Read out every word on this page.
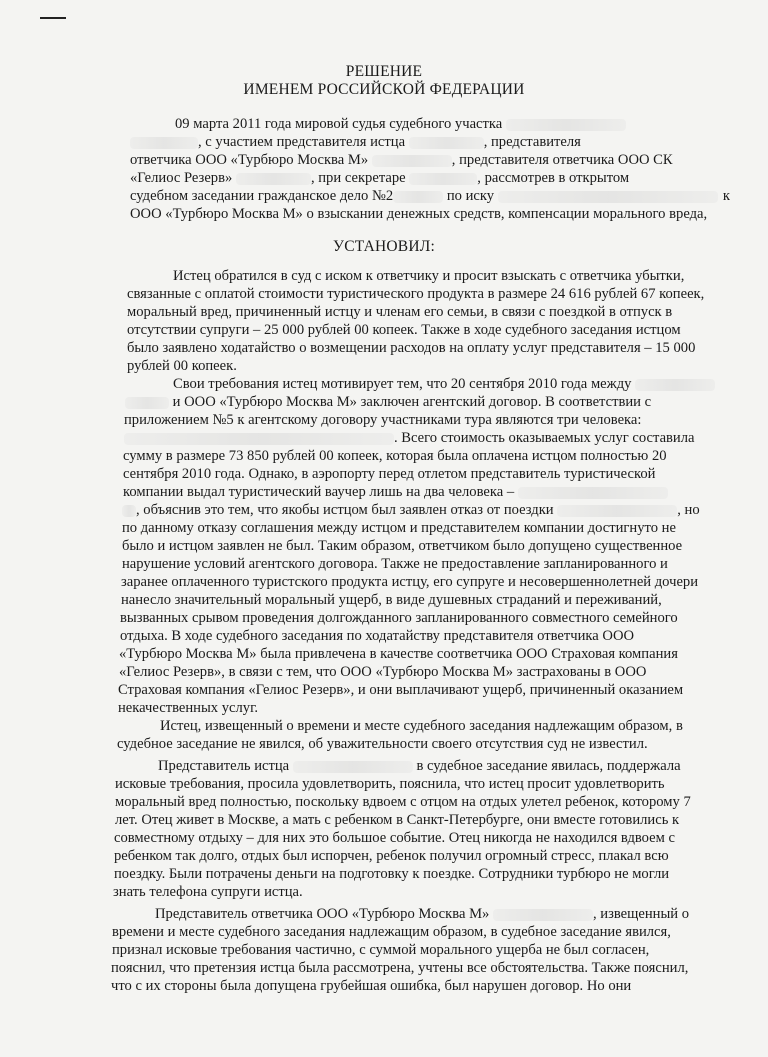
РЕШЕНИЕ
ИМЕНЕМ РОССИЙСКОЙ ФЕДЕРАЦИИ
09 марта 2011 года мировой судья судебного участка
, с участием представителя истца	, представителя
ответчика ООО «Турбюро Москва М»	, представителя ответчика ООО СК
«Гелиос Резерв»	, при секретаре	, рассмотрев в открытом
судебном заседании гражданское дело №2	по иску	к
ООО «Турбюро Москва М» о взыскании денежных средств, компенсации морального вреда,
УСТАНОВИЛ:
Истец обратился в суд с иском к ответчику и просит взыскать с ответчика убытки,
связанные с оплатой стоимости туристического продукта в размере 24 616 рублей 67 копеек,
моральный вред, причиненный истцу и членам его семьи, в связи с поездкой в отпуск в
отсутствии супруги – 25 000 рублей 00 копеек. Также в ходе судебного заседания истцом
было заявлено ходатайство о возмещении расходов на оплату услуг представителя – 15 000
рублей 00 копеек.
Свои требования истец мотивирует тем, что 20 сентября 2010 года между
и ООО «Турбюро Москва М» заключен агентский договор. В соответствии с
приложением №5 к агентскому договору участниками тура являются три человека:
. Всего стоимость оказываемых услуг составила
сумму в размере 73 850 рублей 00 копеек, которая была оплачена истцом полностью 20
сентября 2010 года. Однако, в аэропорту перед отлетом представитель туристической
компании выдал туристический ваучер лишь на два человека –
, объяснив это тем, что якобы истцом был заявлен отказ от поездки	, но
по данному отказу соглашения между истцом и представителем компании достигнуто не
было и истцом заявлен не был. Таким образом, ответчиком было допущено существенное
нарушение условий агентского договора. Также не предоставление запланированного и
заранее оплаченного туристского продукта истцу, его супруге и несовершеннолетней дочери
нанесло значительный моральный ущерб, в виде душевных страданий и переживаний,
вызванных срывом проведения долгожданного запланированного совместного семейного
отдыха. В ходе судебного заседания по ходатайству представителя ответчика ООО
«Турбюро Москва М» была привлечена в качестве соответчика ООО Страховая компания
«Гелиос Резерв», в связи с тем, что ООО «Турбюро Москва М» застрахованы в ООО
Страховая компания «Гелиос Резерв», и они выплачивают ущерб, причиненный оказанием
некачественных услуг.
Истец, извещенный о времени и месте судебного заседания надлежащим образом, в
судебное заседание не явился, об уважительности своего отсутствия суд не известил.
Представитель истца	в судебное заседание явилась, поддержала
исковые требования, просила удовлетворить, пояснила, что истец просит удовлетворить
моральный вред полностью, поскольку вдвоем с отцом на отдых улетел ребенок, которому 7
лет. Отец живет в Москве, а мать с ребенком в Санкт-Петербурге, они вместе готовились к
совместному отдыху – для них это большое событие. Отец никогда не находился вдвоем с
ребенком так долго, отдых был испорчен, ребенок получил огромный стресс, плакал всю
поездку. Были потрачены деньги на подготовку к поездке. Сотрудники турбюро не могли
знать телефона супруги истца.
Представитель ответчика ООО «Турбюро Москва М»	, извещенный о
времени и месте судебного заседания надлежащим образом, в судебное заседание явился,
признал исковые требования частично, с суммой морального ущерба не был согласен,
пояснил, что претензия истца была рассмотрена, учтены все обстоятельства. Также пояснил,
что с их стороны была допущена грубейшая ошибка, был нарушен договор. Но они
